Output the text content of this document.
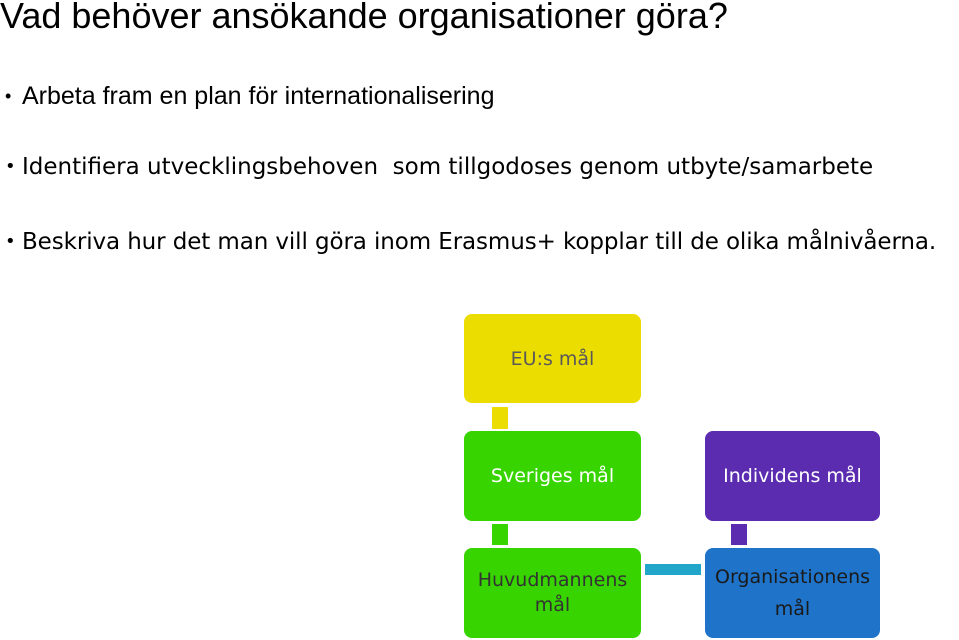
Vad behöver ansökande organisationer göra?
• Arbeta fram en plan för internationalisering
• Identifiera utvecklingsbehoven  som tillgodoses genom utbyte/samarbete
• Beskriva hur det man vill göra inom Erasmus+ kopplar till de olika målnivåerna.
EU:s mål
Sveriges mål	Individens mål
Huvudmannens
mål
Organisationens
mål
